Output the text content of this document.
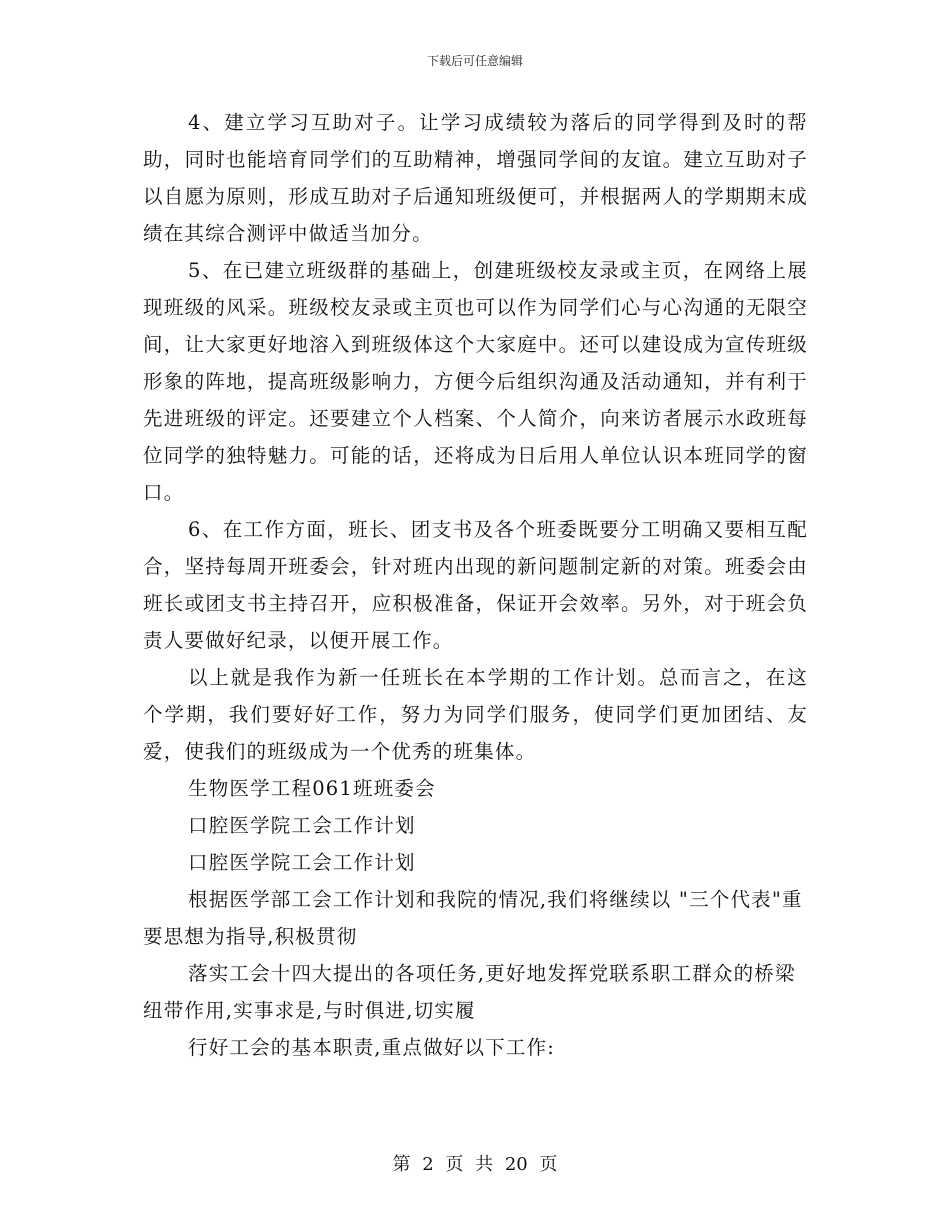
下载后可任意编辑

4、建立学习互助对子。让学习成绩较为落后的同学得到及时的帮助，同时也能培育同学们的互助精神，增强同学间的友谊。建立互助对子以自愿为原则，形成互助对子后通知班级便可，并根据两人的学期期末成绩在其综合测评中做适当加分。

5、在已建立班级群的基础上，创建班级校友录或主页，在网络上展现班级的风采。班级校友录或主页也可以作为同学们心与心沟通的无限空间，让大家更好地溶入到班级体这个大家庭中。还可以建设成为宣传班级形象的阵地，提高班级影响力，方便今后组织沟通及活动通知，并有利于先进班级的评定。还要建立个人档案、个人简介，向来访者展示水政班每位同学的独特魅力。可能的话，还将成为日后用人单位认识本班同学的窗口。

6、在工作方面，班长、团支书及各个班委既要分工明确又要相互配合，坚持每周开班委会，针对班内出现的新问题制定新的对策。班委会由班长或团支书主持召开，应积极准备，保证开会效率。另外，对于班会负责人要做好纪录，以便开展工作。

以上就是我作为新一任班长在本学期的工作计划。总而言之，在这个学期，我们要好好工作，努力为同学们服务，使同学们更加团结、友爱，使我们的班级成为一个优秀的班集体。

生物医学工程061班班委会

口腔医学院工会工作计划

口腔医学院工会工作计划

根据医学部工会工作计划和我院的情况,我们将继续以 "三个代表"重要思想为指导,积极贯彻

落实工会十四大提出的各项任务,更好地发挥党联系职工群众的桥梁纽带作用,实事求是,与时俱进,切实履

行好工会的基本职责,重点做好以下工作:

第 2 页 共 20 页
